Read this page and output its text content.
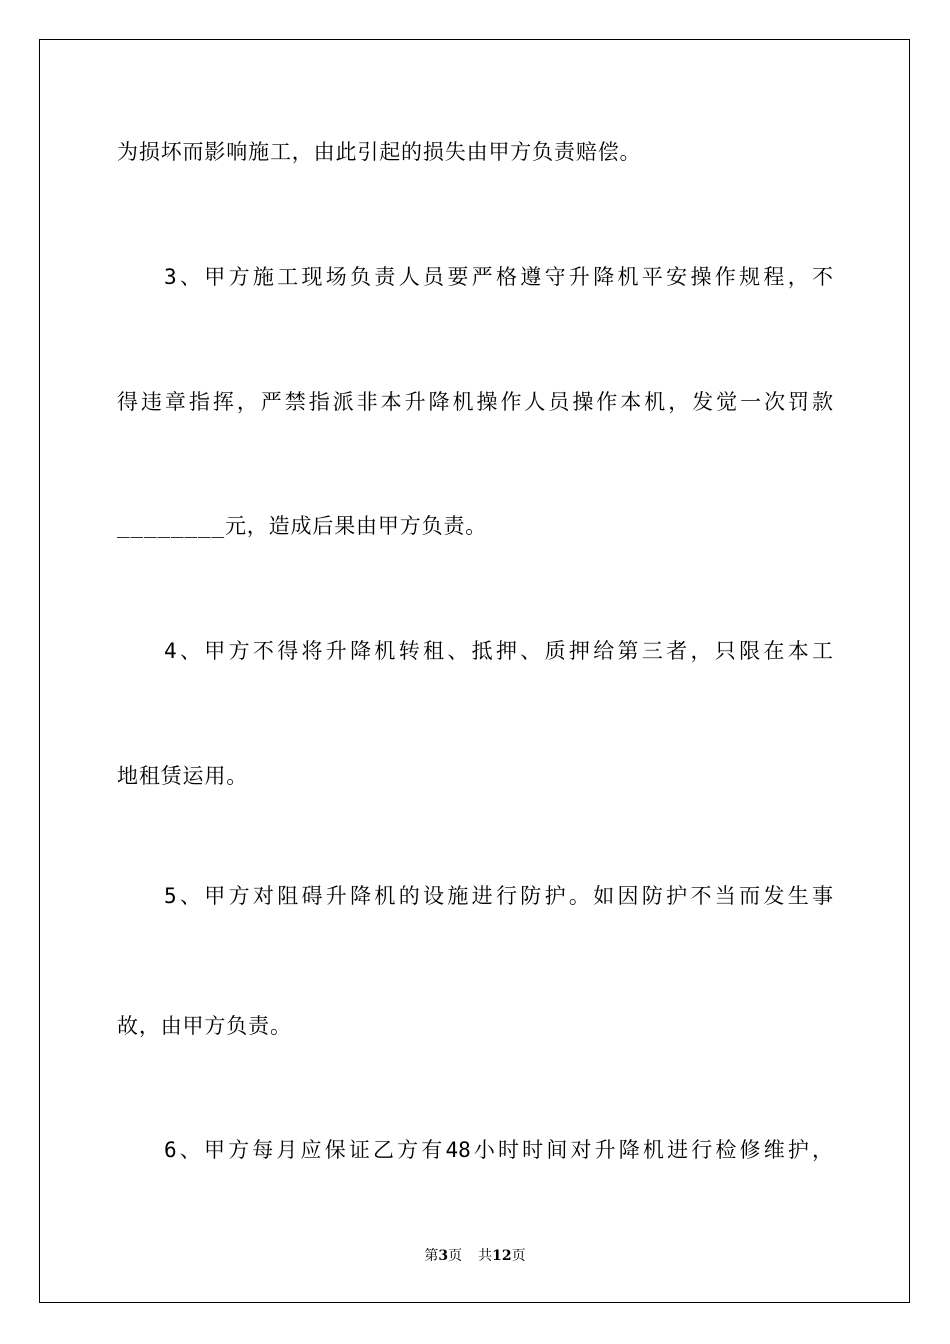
为损坏而影响施工，由此引起的损失由甲方负责赔偿。
3、甲方施工现场负责人员要严格遵守升降机平安操作规程，不
得违章指挥，严禁指派非本升降机操作人员操作本机，发觉一次罚款
________元，造成后果由甲方负责。
4、甲方不得将升降机转租、抵押、质押给第三者，只限在本工
地租赁运用。
5、甲方对阻碍升降机的设施进行防护。如因防护不当而发生事
故，由甲方负责。
6、甲方每月应保证乙方有48小时时间对升降机进行检修维护，
第3页 共12页
